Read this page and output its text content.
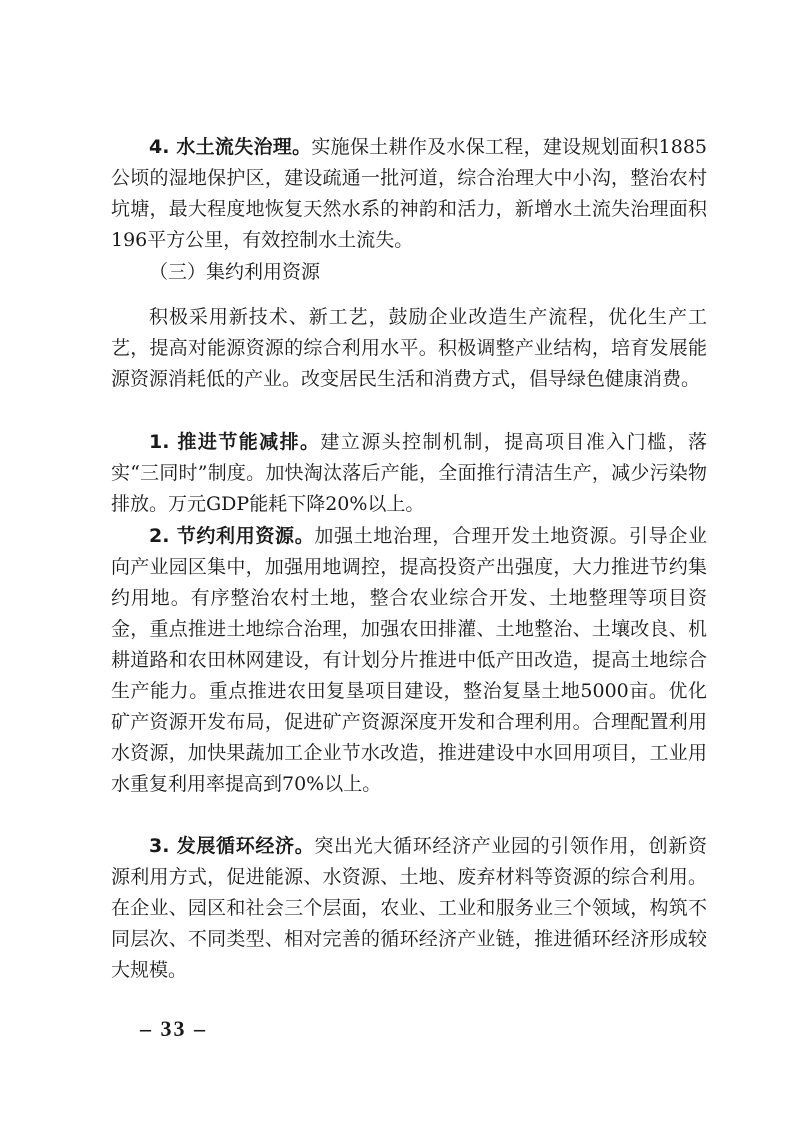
4. 水土流失治理。实施保土耕作及水保工程，建设规划面积1885公顷的湿地保护区，建设疏通一批河道，综合治理大中小沟，整治农村坑塘，最大程度地恢复天然水系的神韵和活力，新增水土流失治理面积196平方公里，有效控制水土流失。

（三）集约利用资源

积极采用新技术、新工艺，鼓励企业改造生产流程，优化生产工艺，提高对能源资源的综合利用水平。积极调整产业结构，培育发展能源资源消耗低的产业。改变居民生活和消费方式，倡导绿色健康消费。

1. 推进节能减排。建立源头控制机制，提高项目准入门槛，落实“三同时”制度。加快淘汰落后产能，全面推行清洁生产，减少污染物排放。万元GDP能耗下降20%以上。

2. 节约利用资源。加强土地治理，合理开发土地资源。引导企业向产业园区集中，加强用地调控，提高投资产出强度，大力推进节约集约用地。有序整治农村土地，整合农业综合开发、土地整理等项目资金，重点推进土地综合治理，加强农田排灌、土地整治、土壤改良、机耕道路和农田林网建设，有计划分片推进中低产田改造，提高土地综合生产能力。重点推进农田复垦项目建设，整治复垦土地5000亩。优化矿产资源开发布局，促进矿产资源深度开发和合理利用。合理配置利用水资源，加快果蔬加工企业节水改造，推进建设中水回用项目，工业用水重复利用率提高到70%以上。

3. 发展循环经济。突出光大循环经济产业园的引领作用，创新资源利用方式，促进能源、水资源、土地、废弃材料等资源的综合利用。在企业、园区和社会三个层面，农业、工业和服务业三个领域，构筑不同层次、不同类型、相对完善的循环经济产业链，推进循环经济形成较大规模。

– 33 –
